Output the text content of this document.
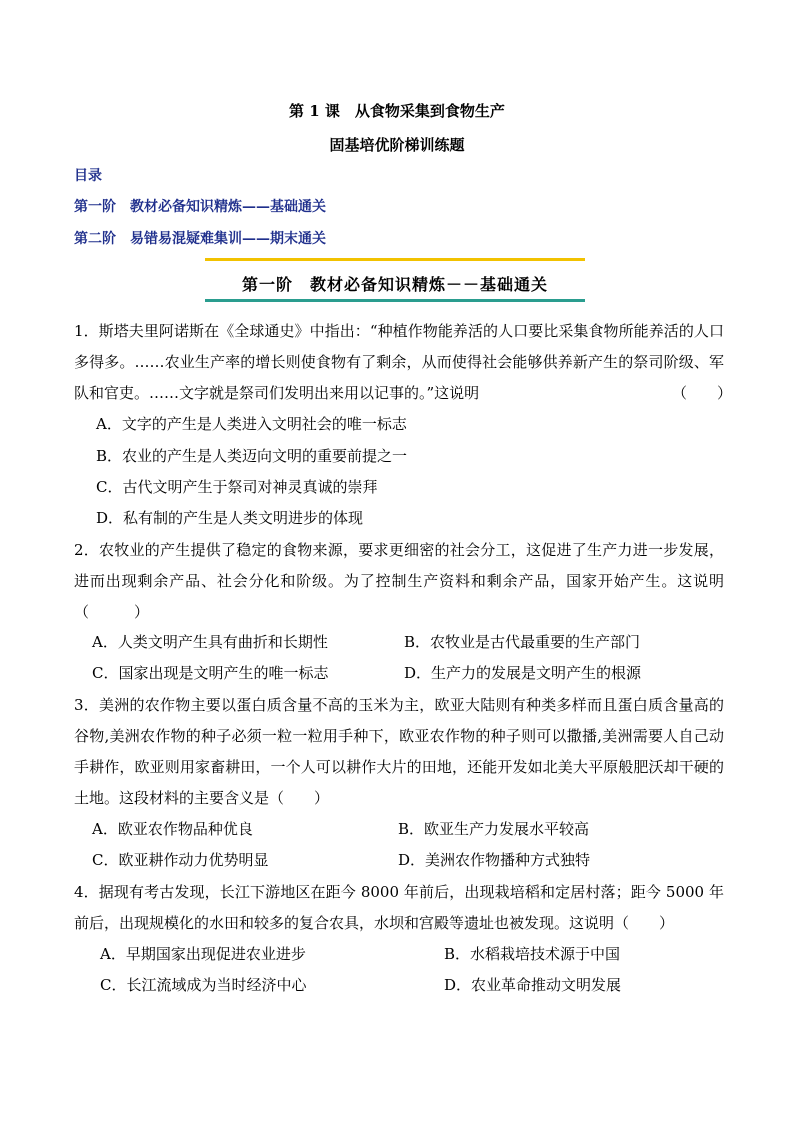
第 1 课　从食物采集到食物生产
固基培优阶梯训练题
目录
第一阶　教材必备知识精炼——基础通关
第二阶　易错易混疑难集训——期末通关
第一阶　教材必备知识精炼－－基础通关
1．斯塔夫里阿诺斯在《全球通史》中指出：“种植作物能养活的人口要比采集食物所能养活的人口多得多。……农业生产率的增长则使食物有了剩余，从而使得社会能够供养新产生的祭司阶级、军队和官吏。……文字就是祭司们发明出来用以记事的。”这说明	（　　）
A．文字的产生是人类进入文明社会的唯一标志
B．农业的产生是人类迈向文明的重要前提之一
C．古代文明产生于祭司对神灵真诚的崇拜
D．私有制的产生是人类文明进步的体现
2．农牧业的产生提供了稳定的食物来源，要求更细密的社会分工，这促进了生产力进一步发展，进而出现剩余产品、社会分化和阶级。为了控制生产资料和剩余产品，国家开始产生。这说明（　　　）
A．人类文明产生具有曲折和长期性	B．农牧业是古代最重要的生产部门
C．国家出现是文明产生的唯一标志	D．生产力的发展是文明产生的根源
3．美洲的农作物主要以蛋白质含量不高的玉米为主，欧亚大陆则有种类多样而且蛋白质含量高的谷物,美洲农作物的种子必须一粒一粒用手种下，欧亚农作物的种子则可以撒播,美洲需要人自己动手耕作，欧亚则用家畜耕田，一个人可以耕作大片的田地，还能开发如北美大平原般肥沃却干硬的土地。这段材料的主要含义是（　　）
A．欧亚农作物品种优良	B．欧亚生产力发展水平较高
C．欧亚耕作动力优势明显	D．美洲农作物播种方式独特
4．据现有考古发现，长江下游地区在距今 8000 年前后，出现栽培稻和定居村落；距今 5000 年前后，出现规模化的水田和较多的复合农具，水坝和宫殿等遗址也被发现。这说明（　　）
A．早期国家出现促进农业进步	B．水稻栽培技术源于中国
C．长江流域成为当时经济中心	D．农业革命推动文明发展
